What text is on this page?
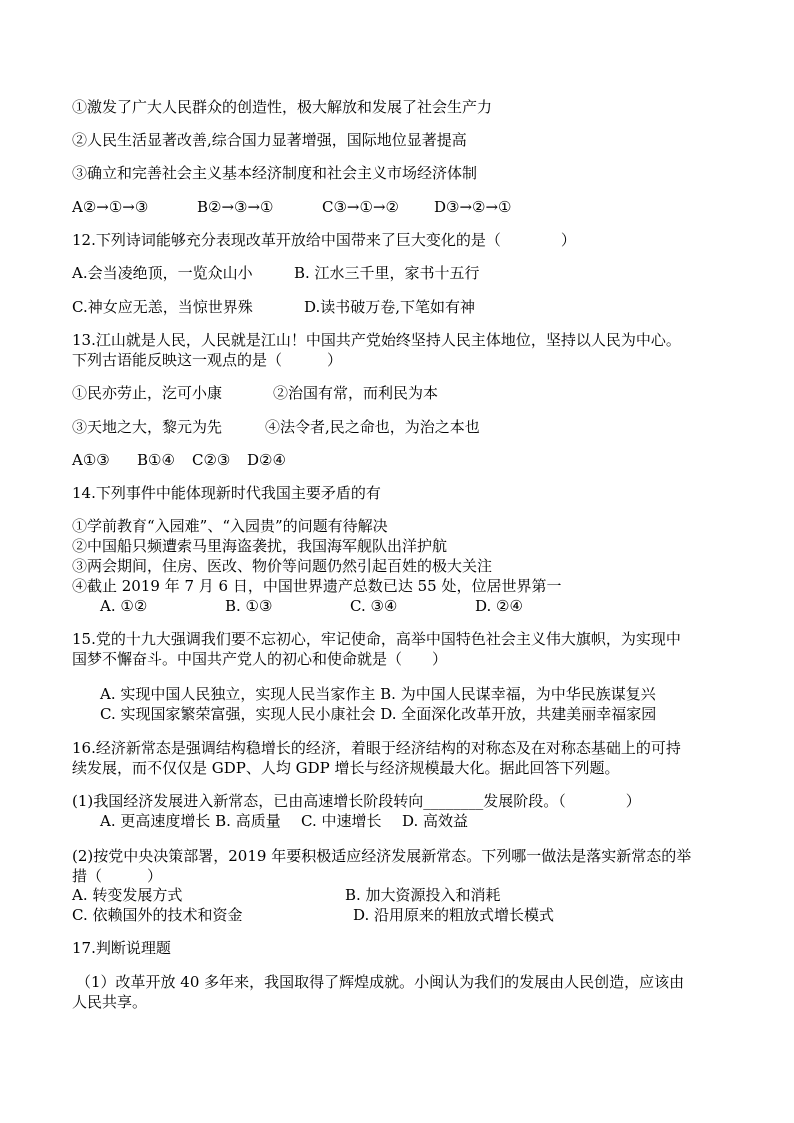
①激发了广大人民群众的创造性，极大解放和发展了社会生产力

②人民生活显著改善,综合国力显著增强，国际地位显著提高

③确立和完善社会主义基本经济制度和社会主义市场经济体制

A②→①→③	B②→③→①	C③→①→② D③→②→①

12.下列诗词能够充分表现改革开放给中国带来了巨大变化的是（　　　　）

A.会当凌绝顶，一览众山小	B. 江水三千里，家书十五行
C.神女应无恙，当惊世界殊	D.读书破万卷,下笔如有神

13.江山就是人民，人民就是江山！中国共产党始终坚持人民主体地位，坚持以人民为中心。

下列古语能反映这一观点的是（　　　）

①民亦劳止，汔可小康	②治国有常，而利民为本
③天地之大，黎元为先	④法令者,民之命也，为治之本也
A①③ B①④ C②③ D②④

14.下列事件中能体现新时代我国主要矛盾的有

①学前教育“入园难”、“入园贵”的问题有待解决

②中国船只频遭索马里海盗袭扰，我国海军舰队出洋护航

③两会期间，住房、医改、物价等问题仍然引起百姓的极大关注

④截止 2019 年 7 月 6 日，中国世界遗产总数已达 55 处，位居世界第一

A. ①②	B. ①③	C. ③④	D. ②④

15.党的十九大强调我们要不忘初心，牢记使命，高举中国特色社会主义伟大旗帜，为实现中

国梦不懈奋斗。中国共产党人的初心和使命就是（　　）

A. 实现中国人民独立，实现人民当家作主 B. 为中国人民谋幸福，为中华民族谋复兴

C. 实现国家繁荣富强，实现人民小康社会 D. 全面深化改革开放，共建美丽幸福家园

16.经济新常态是强调结构稳增长的经济，着眼于经济结构的对称态及在对称态基础上的可持

续发展，而不仅仅是 GDP、人均 GDP 增长与经济规模最大化。据此回答下列题。

(1)我国经济发展进入新常态，已由高速增长阶段转向________发展阶段。（　　　　）

A. 更高速度增长 B. 高质量 C. 中速增长 D. 高效益

(2)按党中央决策部署，2019 年要积极适应经济发展新常态。下列哪一做法是落实新常态的举

措（　　　）

A. 转变发展方式	B. 加大资源投入和消耗
C. 依赖国外的技术和资金	D. 沿用原来的粗放式增长模式

17.判断说理题

（1）改革开放 40 多年来，我国取得了辉煌成就。小闽认为我们的发展由人民创造，应该由

人民共享。
